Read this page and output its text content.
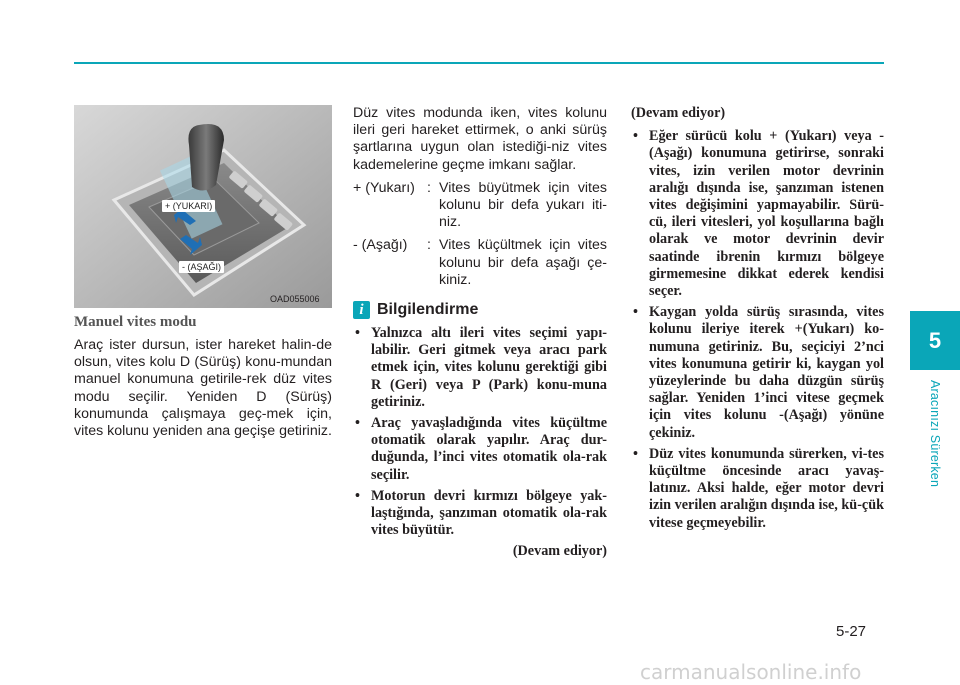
+ (YUKARI)
- (AŞAĞI)
OAD055006
Manuel vites modu

Araç ister dursun, ister hareket halin-de olsun, vites kolu D (Sürüş) konu-mundan manuel konumuna getirile-rek düz vites modu seçilir. Yeniden D (Sürüş) konumunda çalışmaya geç-mek için, vites kolunu yeniden ana geçişe getiriniz.

Düz vites modunda iken, vites kolunu ileri geri hareket ettirmek, o anki sürüş şartlarına uygun olan istediği-niz vites kademelerine geçme imkanı sağlar.

+ (Yukarı) : Vites büyütmek için vites kolunu bir defa yukarı iti-niz.
- (Aşağı)	: Vites küçültmek için vites kolunu bir defa aşağı çe-kiniz.
i Bilgilendirme
• Yalnızca altı ileri vites seçimi yapı-labilir. Geri gitmek veya aracı park etmek için, vites kolunu gerektiği gibi R (Geri) veya P (Park) konu-muna getiriniz.
• Araç yavaşladığında vites küçültme otomatik olarak yapılır. Araç dur-duğunda, l’inci vites otomatik ola-rak seçilir.
• Motorun devri kırmızı bölgeye yak-laştığında, şanzıman otomatik ola-rak vites büyütür.

(Devam ediyor)

(Devam ediyor)

• Eğer sürücü kolu + (Yukarı) veya - (Aşağı) konumuna getirirse, sonraki vites, izin verilen motor devrinin aralığı dışında ise, şanzıman istenen vites değişimini yapmayabilir. Sürü-cü, ileri vitesleri, yol koşullarına bağlı olarak ve motor devrinin devir saatinde ibrenin kırmızı bölgeye girmemesine dikkat ederek kendisi seçer.
• Kaygan yolda sürüş sırasında, vites kolunu ileriye iterek +(Yukarı) ko-numuna getiriniz. Bu, seçiciyi 2’nci vites konumuna getirir ki, kaygan yol yüzeylerinde bu daha düzgün sürüş sağlar. Yeniden 1’inci vitese geçmek için vites kolunu -(Aşağı) yönüne çekiniz.
• Düz vites konumunda sürerken, vi-tes küçültme öncesinde aracı yavaş-latınız. Aksi halde, eğer motor devri izin verilen aralığın dışında ise, kü-çük vitese geçmeyebilir.
5
Aracınızı Sürerken
5-27
carmanualsonline.info
